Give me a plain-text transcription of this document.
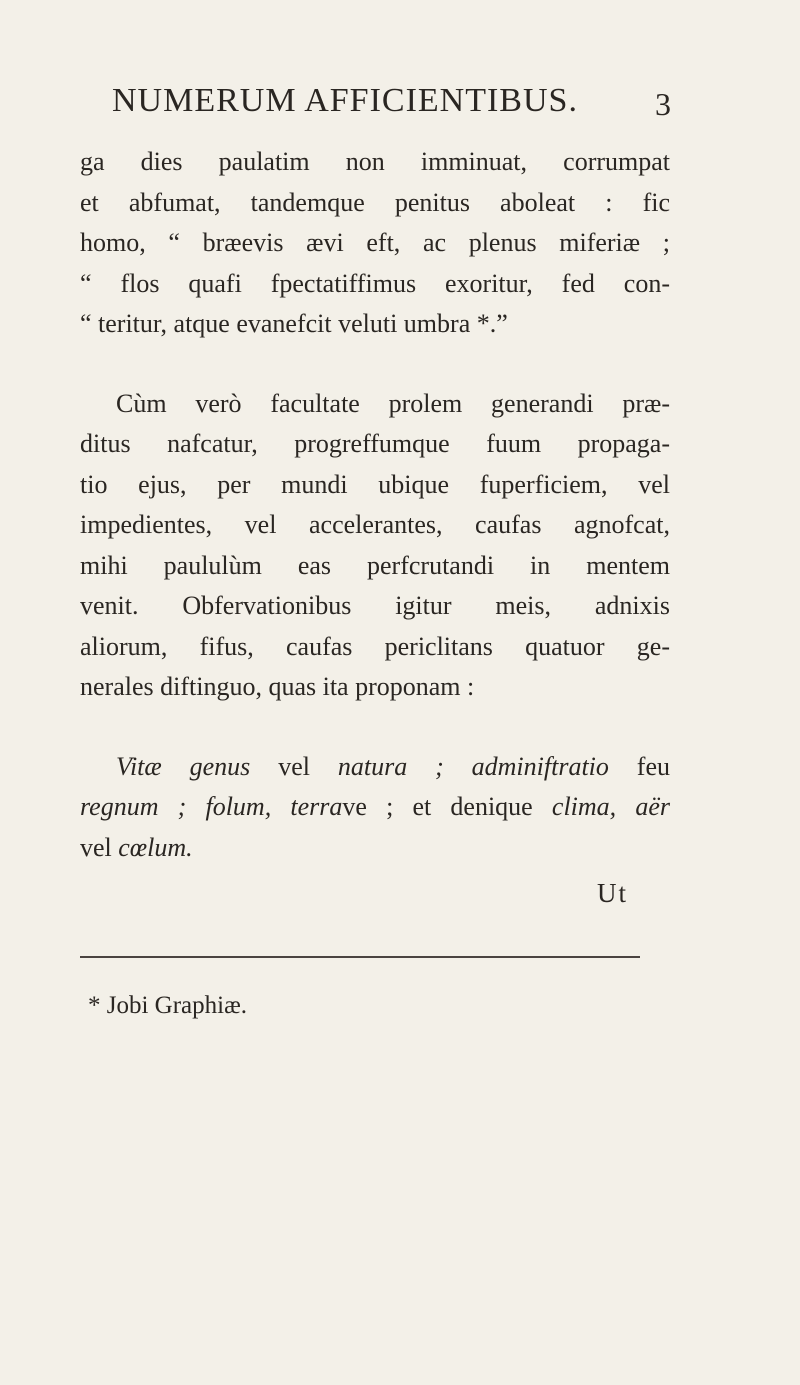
NUMERUM AFFICIENTIBUS. 3
ga dies paulatim non imminuat, corrumpat
et abfumat, tandemque penitus aboleat : fic
homo, “ bræevis ævi eft, ac plenus miferiæ ;
“ flos quafi fpectatiffimus exoritur, fed con-
“ teritur, atque evanefcit veluti umbra *.”
Cùm verò facultate prolem generandi præ-
ditus nafcatur, progreffumque fuum propaga-
tio ejus, per mundi ubique fuperficiem, vel
impedientes, vel accelerantes, caufas agnofcat,
mihi paululùm eas perfcrutandi in mentem
venit. Obfervationibus igitur meis, adnixis
aliorum, fifus, caufas periclitans quatuor ge-
nerales diftinguo, quas ita proponam :
Vitæ genus vel natura ; adminiftratio feu
regnum ; folum, terrave ; et denique clima, aër
vel cœlum.
Ut
* Jobi Graphiæ.
